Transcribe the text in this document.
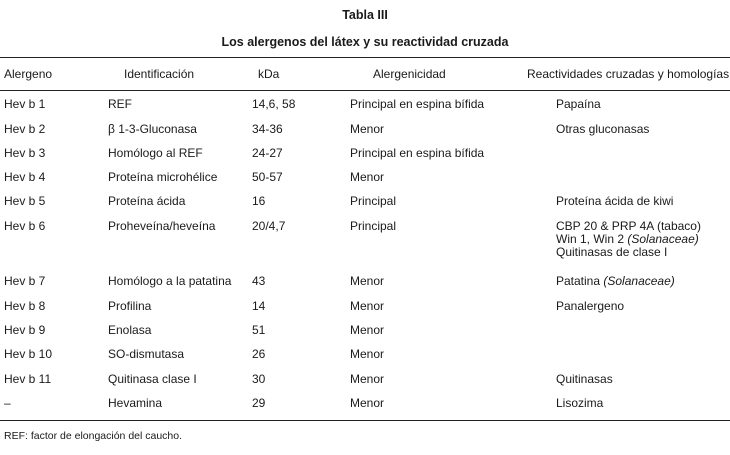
Tabla III
Los alergenos del látex y su reactividad cruzada
Alergeno	Identificación	kDa	Alergenicidad	Reactividades cruzadas y homologías
Hev b 1	REF	14,6, 58	Principal en espina bífida	Papaína
Hev b 2	β 1-3-Gluconasa	34-36	Menor	Otras gluconasas
Hev b 3	Homólogo al REF	24-27	Principal en espina bífida
Hev b 4	Proteína microhélice	50-57	Menor
Hev b 5	Proteína ácida	16	Principal	Proteína ácida de kiwi
Hev b 6	Proheveína/heveína	20/4,7	Principal	CBP 20 & PRP 4A (tabaco)
Win 1, Win 2 (Solanaceae)
Quitinasas de clase I
Hev b 7	Homólogo a la patatina 43	Menor	Patatina (Solanaceae)
Hev b 8	Profilina	14	Menor	Panalergeno
Hev b 9	Enolasa	51	Menor
Hev b 10	SO-dismutasa	26	Menor
Hev b 11	Quitinasa clase I	30	Menor	Quitinasas
–	Hevamina	29	Menor	Lisozima
REF: factor de elongación del caucho.
